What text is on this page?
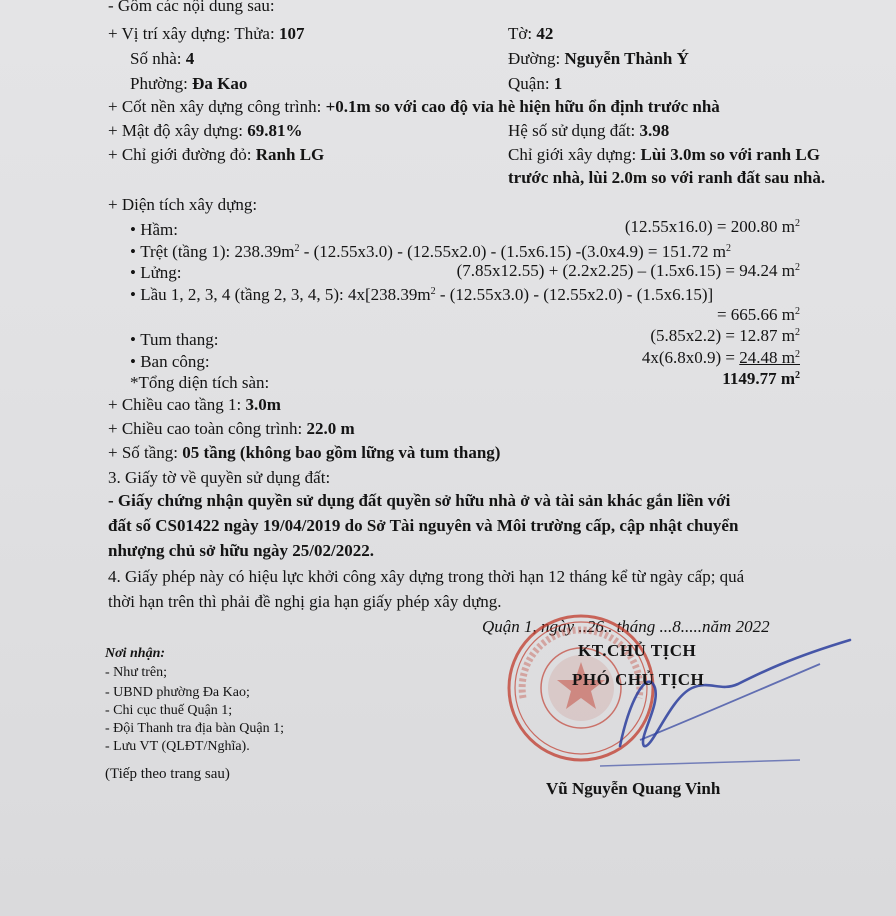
- Gôm các nội dung sau:
+ Vị trí xây dựng: Thửa: 107	Tờ: 42
Số nhà: 4	Đường: Nguyễn Thành Ý
Phường: Đa Kao	Quận: 1
+ Cốt nền xây dựng công trình: +0.1m so với cao độ vỉa hè hiện hữu ổn định trước nhà
+ Mật độ xây dựng: 69.81%	Hệ số sử dụng đất: 3.98
+ Chỉ giới đường đỏ: Ranh LG	Chỉ giới xây dựng: Lùi 3.0m so với ranh LG
trước nhà, lùi 2.0m so với ranh đất sau nhà.
+ Diện tích xây dựng:
• Hầm:	(12.55x16.0) = 200.80 $m^2$
• Trệt (tầng 1): $238.39m^2 - (12.55x3.0) - (12.55x2.0) - (1.5x6.15) -(3.0x4.9) = 151.72$ $m^2$
• Lửng:	(7.85x12.55) + (2.2x2.25) – (1.5x6.15) = 94.24 $m^2$
• Lầu 1, 2, 3, 4 (tầng 2, 3, 4, 5): $4x[238.39m^2 - (12.55x3.0) - (12.55x2.0) - (1.5x6.15)]$
= 665.66 $m^2$
• Tum thang:	(5.85x2.2) = 12.87 $m^2$
• Ban công:	4x(6.8x0.9) = 24.48 $m^2$
*Tổng diện tích sàn:	1149.77 $m^2$
+ Chiều cao tầng 1: 3.0m
+ Chiều cao toàn công trình: 22.0 m
+ Số tầng: 05 tầng (không bao gồm lững và tum thang)
3. Giấy tờ về quyền sử dụng đất:
- Giấy chứng nhận quyền sử dụng đất quyền sở hữu nhà ở và tài sản khác gắn liền với
đất số CS01422 ngày 19/04/2019 do Sở Tài nguyên và Môi trường cấp, cập nhật chuyển
nhượng chủ sở hữu ngày 25/02/2022.
4. Giấy phép này có hiệu lực khởi công xây dựng trong thời hạn 12 tháng kể từ ngày cấp; quá
thời hạn trên thì phải đề nghị gia hạn giấy phép xây dựng.
Quận 1, ngày ..26.. tháng ...8.....năm 2022
Nơi nhận:
- Như trên;
- UBND phường Đa Kao;
- Chi cục thuế Quận 1;
- Đội Thanh tra địa bàn Quận 1;
- Lưu VT (QLĐT/Nghĩa).
(Tiếp theo trang sau)
KT.CHỦ TỊCH
PHÓ CHỦ TỊCH
Vũ Nguyễn Quang Vinh
